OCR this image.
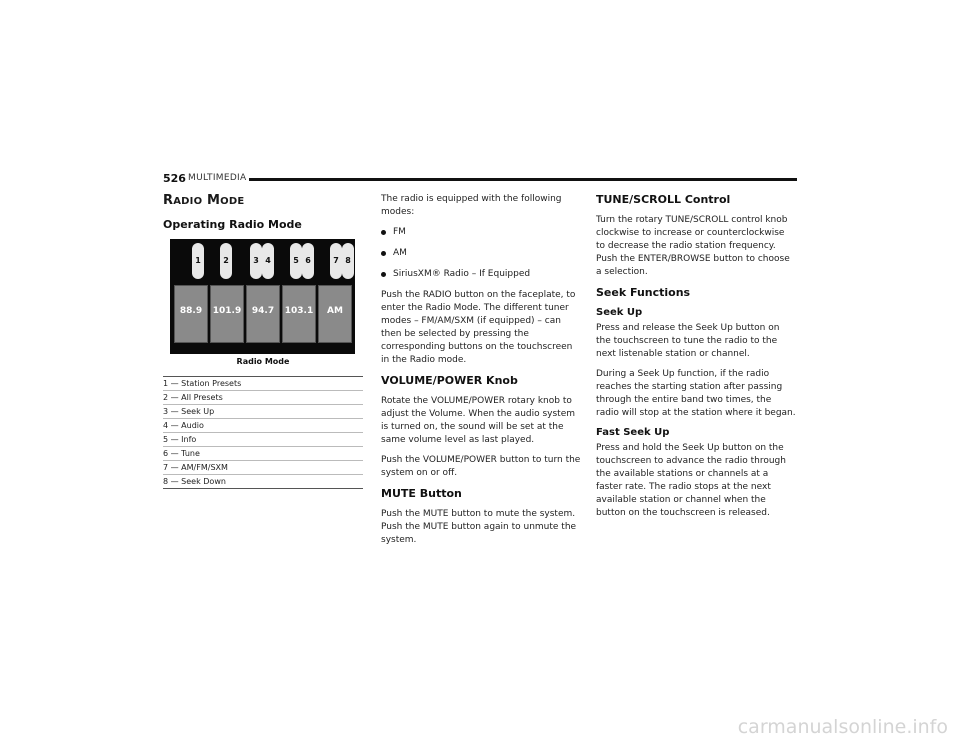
526 MULTIMEDIA
RADIO MODE
Operating Radio Mode
88.9	101.9	94.7	103.1	AM
1	2	3 4	5 6	7 8
Radio Mode
1 — Station Presets
2 — All Presets
3 — Seek Up
4 — Audio
5 — Info
6 — Tune
7 — AM/FM/SXM
8 — Seek Down

The radio is equipped with the following modes:

FM
AM
SiriusXM® Radio – If Equipped

Push the RADIO button on the faceplate, to enter the Radio Mode. The different tuner modes – FM/AM/SXM (if equipped) – can then be selected by pressing the corresponding buttons on the touchscreen in the Radio mode.

VOLUME/POWER Knob

Rotate the VOLUME/POWER rotary knob to adjust the Volume. When the audio system is turned on, the sound will be set at the same volume level as last played.

Push the VOLUME/POWER button to turn the system on or off.

MUTE Button

Push the MUTE button to mute the system. Push the MUTE button again to unmute the system.

TUNE/SCROLL Control

Turn the rotary TUNE/SCROLL control knob clockwise to increase or counterclockwise to decrease the radio station frequency. Push the ENTER/BROWSE button to choose a selection.

Seek Functions
Seek Up

Press and release the Seek Up button on the touchscreen to tune the radio to the next listenable station or channel.

During a Seek Up function, if the radio reaches the starting station after passing through the entire band two times, the radio will stop at the station where it began.

Fast Seek Up

Press and hold the Seek Up button on the touchscreen to advance the radio through the available stations or channels at a faster rate. The radio stops at the next available station or channel when the button on the touchscreen is released.

carmanualsonline.info
